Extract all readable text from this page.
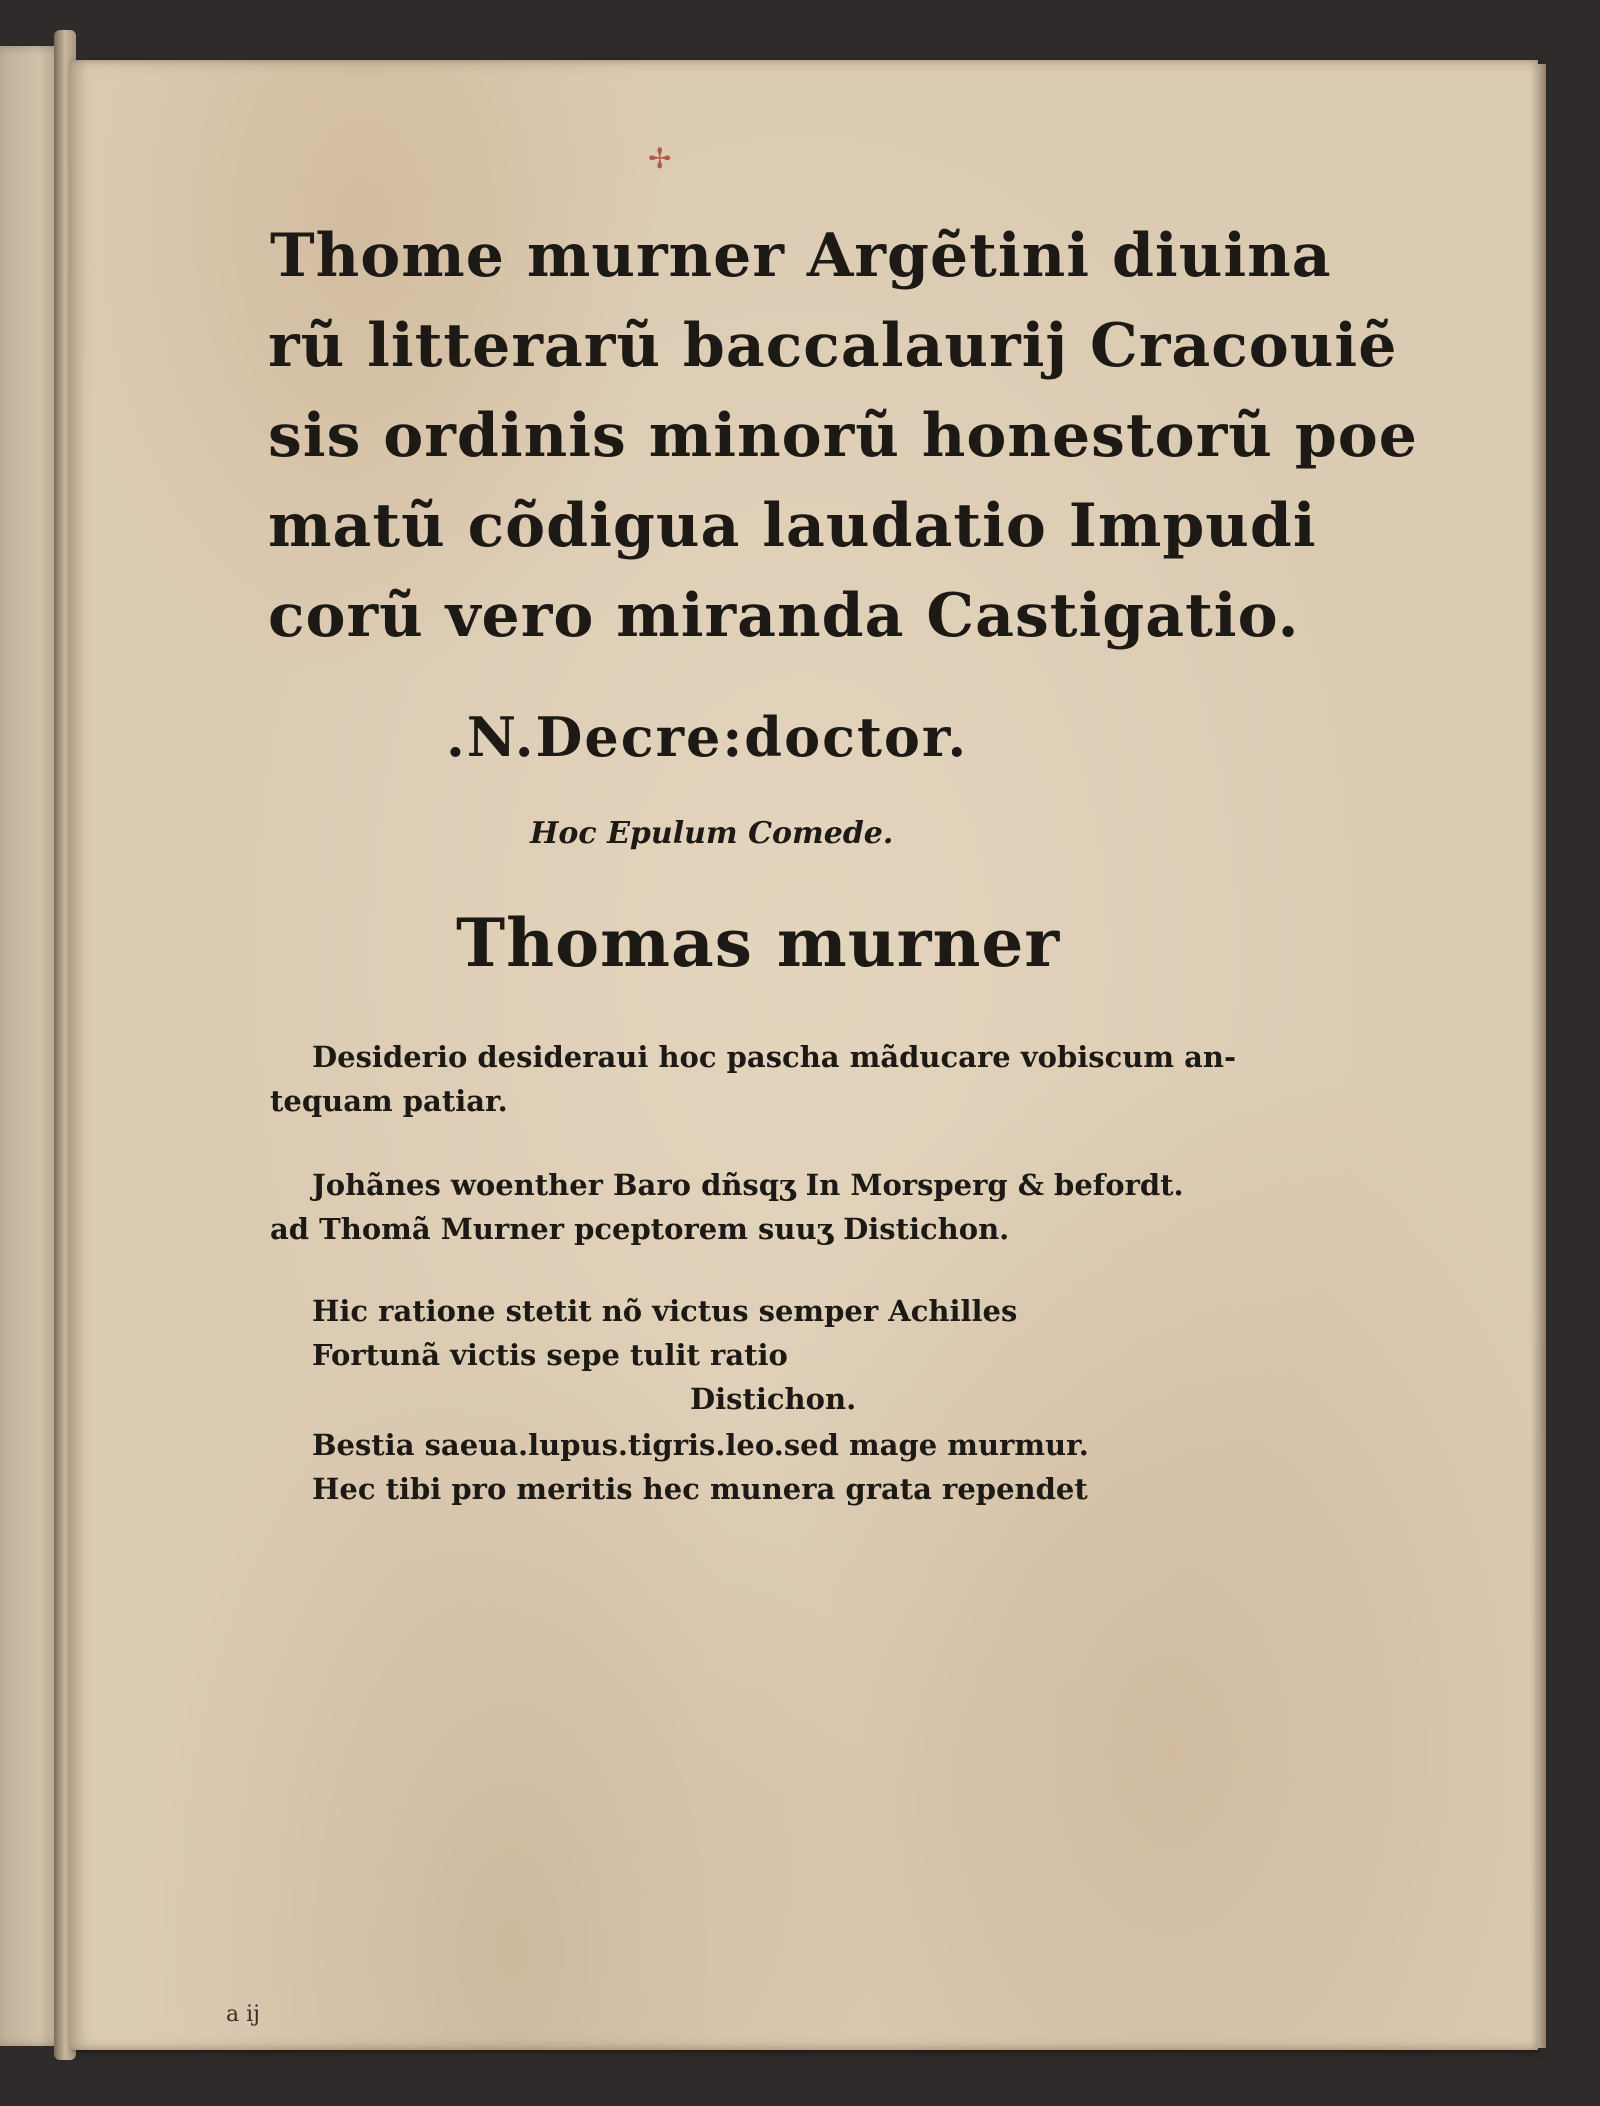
✢
Thome murner Argẽtini diuina
rũ litterarũ baccalaurij Cracouiẽ
sis ordinis minorũ honestorũ poe
matũ cõdigua laudatio Impudi
corũ vero miranda Castigatio.
.N.Decre:doctor.
Hoc Epulum Comede.
Thomas murner
Desiderio desideraui hoc pascha mãducare vobiscum an-
tequam patiar.
Johãnes woenther Baro dñsqʒ In Morsperg & befordt.
ad Thomã Murner pceptorem suuʒ Distichon.
Hic ratione stetit nõ victus semper Achilles
Fortunã victis sepe tulit ratio
Distichon.
Bestia saeua.lupus.tigris.leo.sed mage murmur.
Hec tibi pro meritis hec munera grata rependet
a ij
